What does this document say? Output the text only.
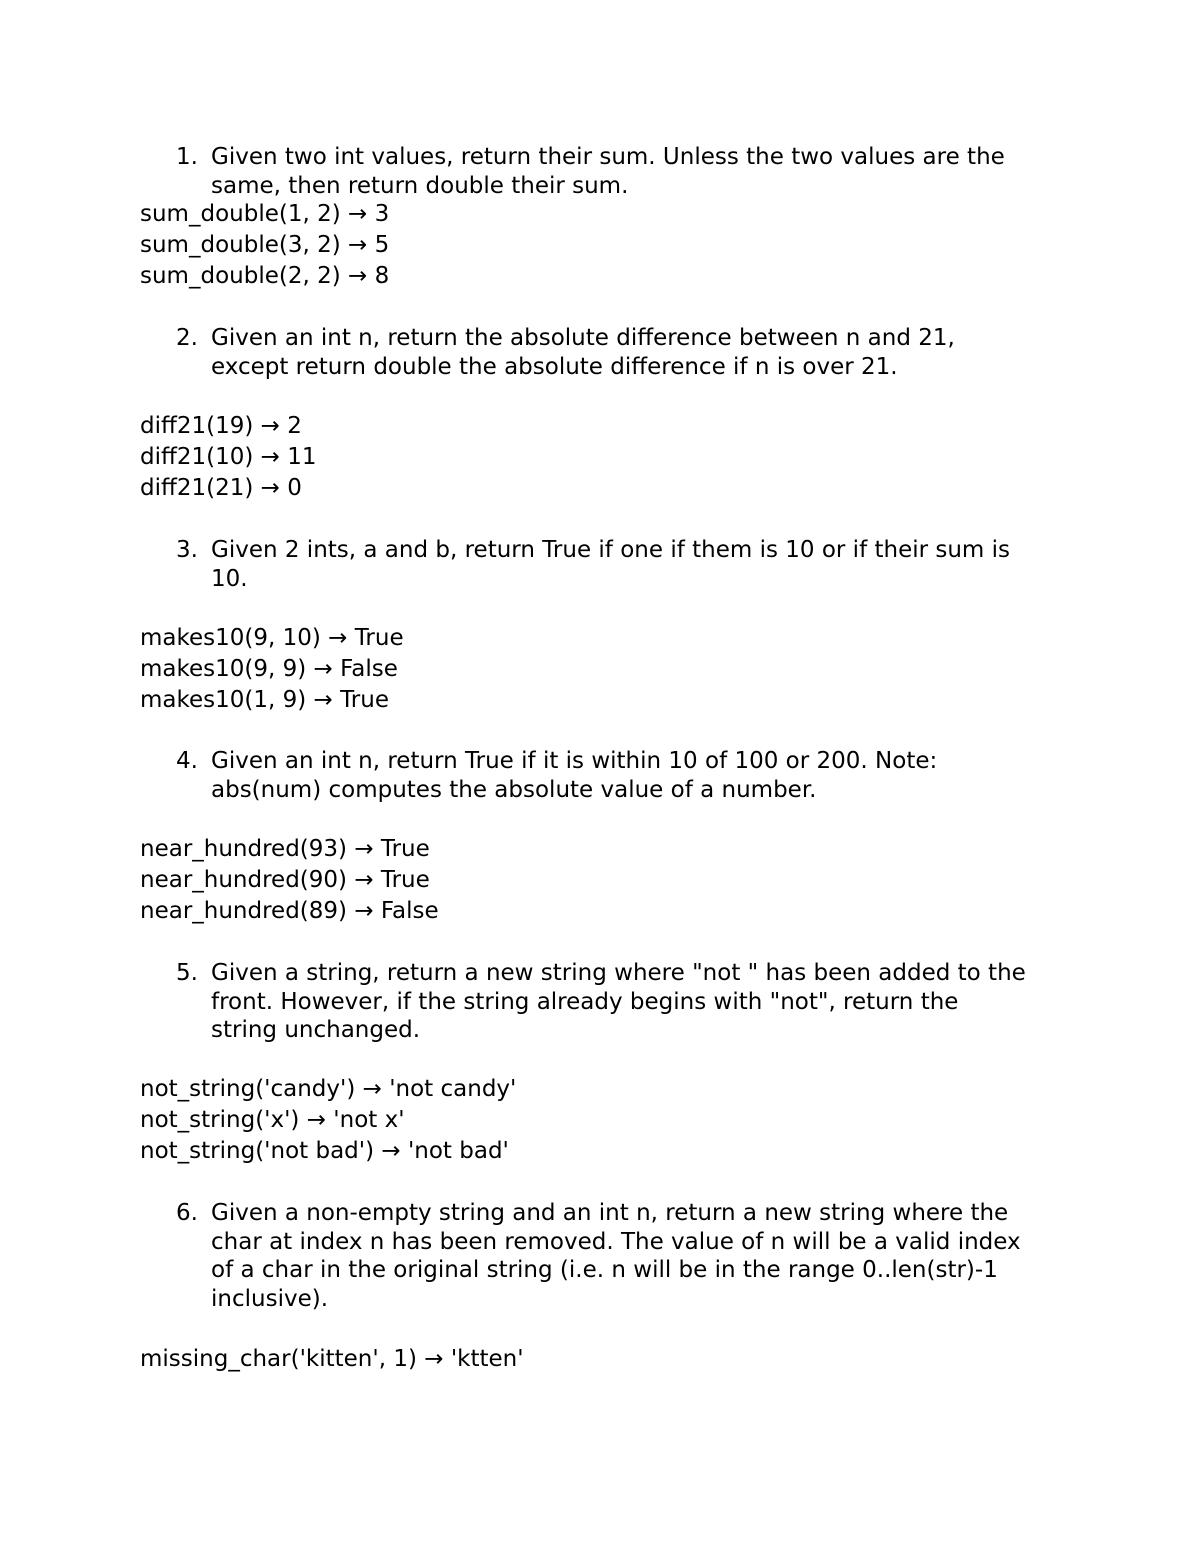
1. Given two int values, return their sum. Unless the two values are the
same, then return double their sum.
sum_double(1, 2) → 3
sum_double(3, 2) → 5
sum_double(2, 2) → 8
2. Given an int n, return the absolute difference between n and 21,
except return double the absolute difference if n is over 21.
diff21(19) → 2
diff21(10) → 11
diff21(21) → 0
3. Given 2 ints, a and b, return True if one if them is 10 or if their sum is
10.
makes10(9, 10) → True
makes10(9, 9) → False
makes10(1, 9) → True
4. Given an int n, return True if it is within 10 of 100 or 200. Note:
abs(num) computes the absolute value of a number.
near_hundred(93) → True
near_hundred(90) → True
near_hundred(89) → False
5. Given a string, return a new string where "not " has been added to the
front. However, if the string already begins with "not", return the
string unchanged.
not_string('candy') → 'not candy'
not_string('x') → 'not x'
not_string('not bad') → 'not bad'
6. Given a non-empty string and an int n, return a new string where the
char at index n has been removed. The value of n will be a valid index
of a char in the original string (i.e. n will be in the range 0..len(str)-1
inclusive).
missing_char('kitten', 1) → 'ktten'
